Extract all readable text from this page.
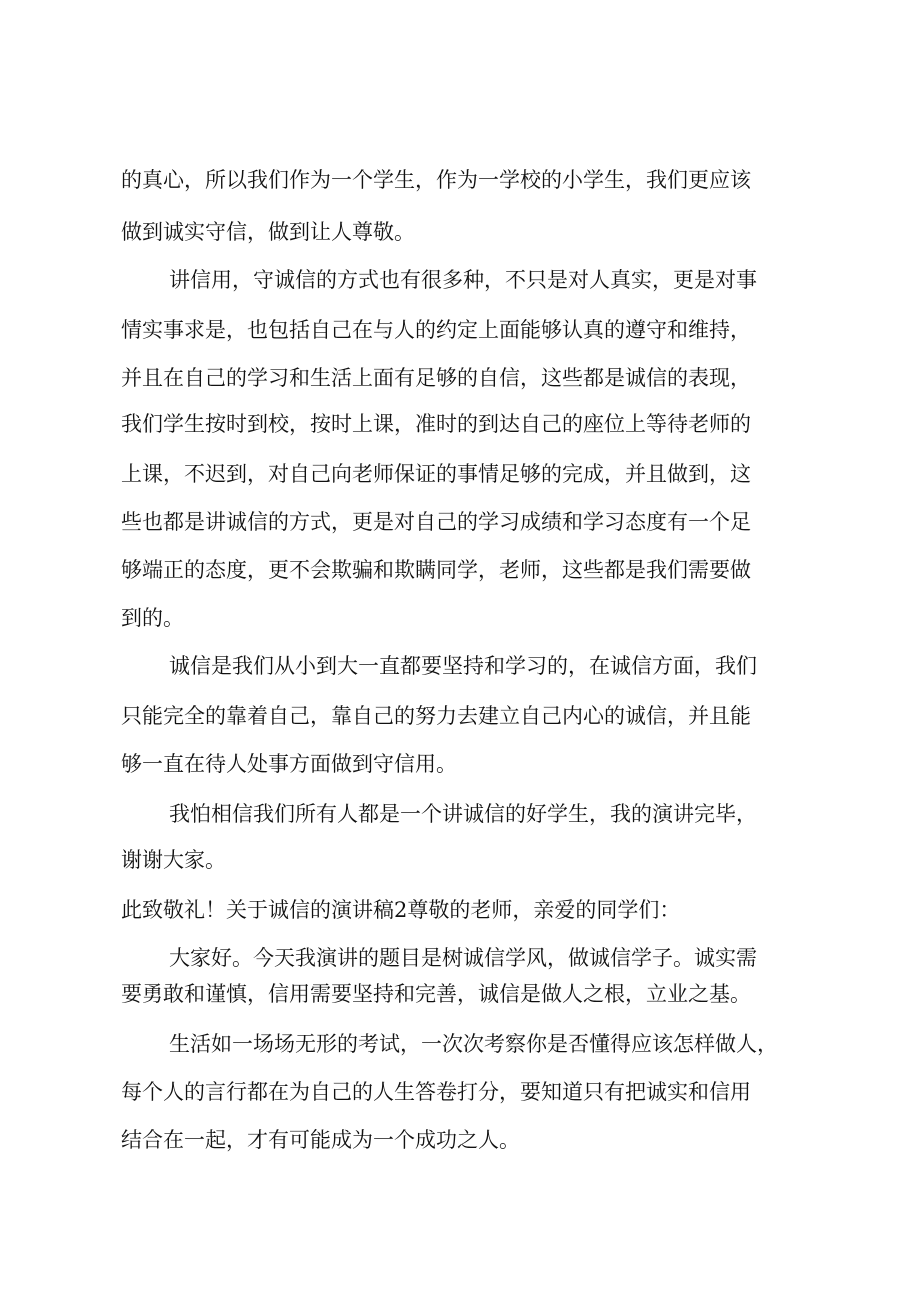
的真心，所以我们作为一个学生，作为一学校的小学生，我们更应该
做到诚实守信，做到让人尊敬。
讲信用，守诚信的方式也有很多种，不只是对人真实，更是对事
情实事求是，也包括自己在与人的约定上面能够认真的遵守和维持，
并且在自己的学习和生活上面有足够的自信，这些都是诚信的表现，
我们学生按时到校，按时上课，准时的到达自己的座位上等待老师的
上课，不迟到，对自己向老师保证的事情足够的完成，并且做到，这
些也都是讲诚信的方式，更是对自己的学习成绩和学习态度有一个足
够端正的态度，更不会欺骗和欺瞒同学，老师，这些都是我们需要做
到的。
诚信是我们从小到大一直都要坚持和学习的，在诚信方面，我们
只能完全的靠着自己，靠自己的努力去建立自己内心的诚信，并且能
够一直在待人处事方面做到守信用。
我怕相信我们所有人都是一个讲诚信的好学生，我的演讲完毕，
谢谢大家。
此致敬礼！关于诚信的演讲稿2尊敬的老师，亲爱的同学们：
大家好。今天我演讲的题目是树诚信学风，做诚信学子。诚实需
要勇敢和谨慎，信用需要坚持和完善，诚信是做人之根，立业之基。
生活如一场场无形的考试，一次次考察你是否懂得应该怎样做人，
每个人的言行都在为自己的人生答卷打分，要知道只有把诚实和信用
结合在一起，才有可能成为一个成功之人。
